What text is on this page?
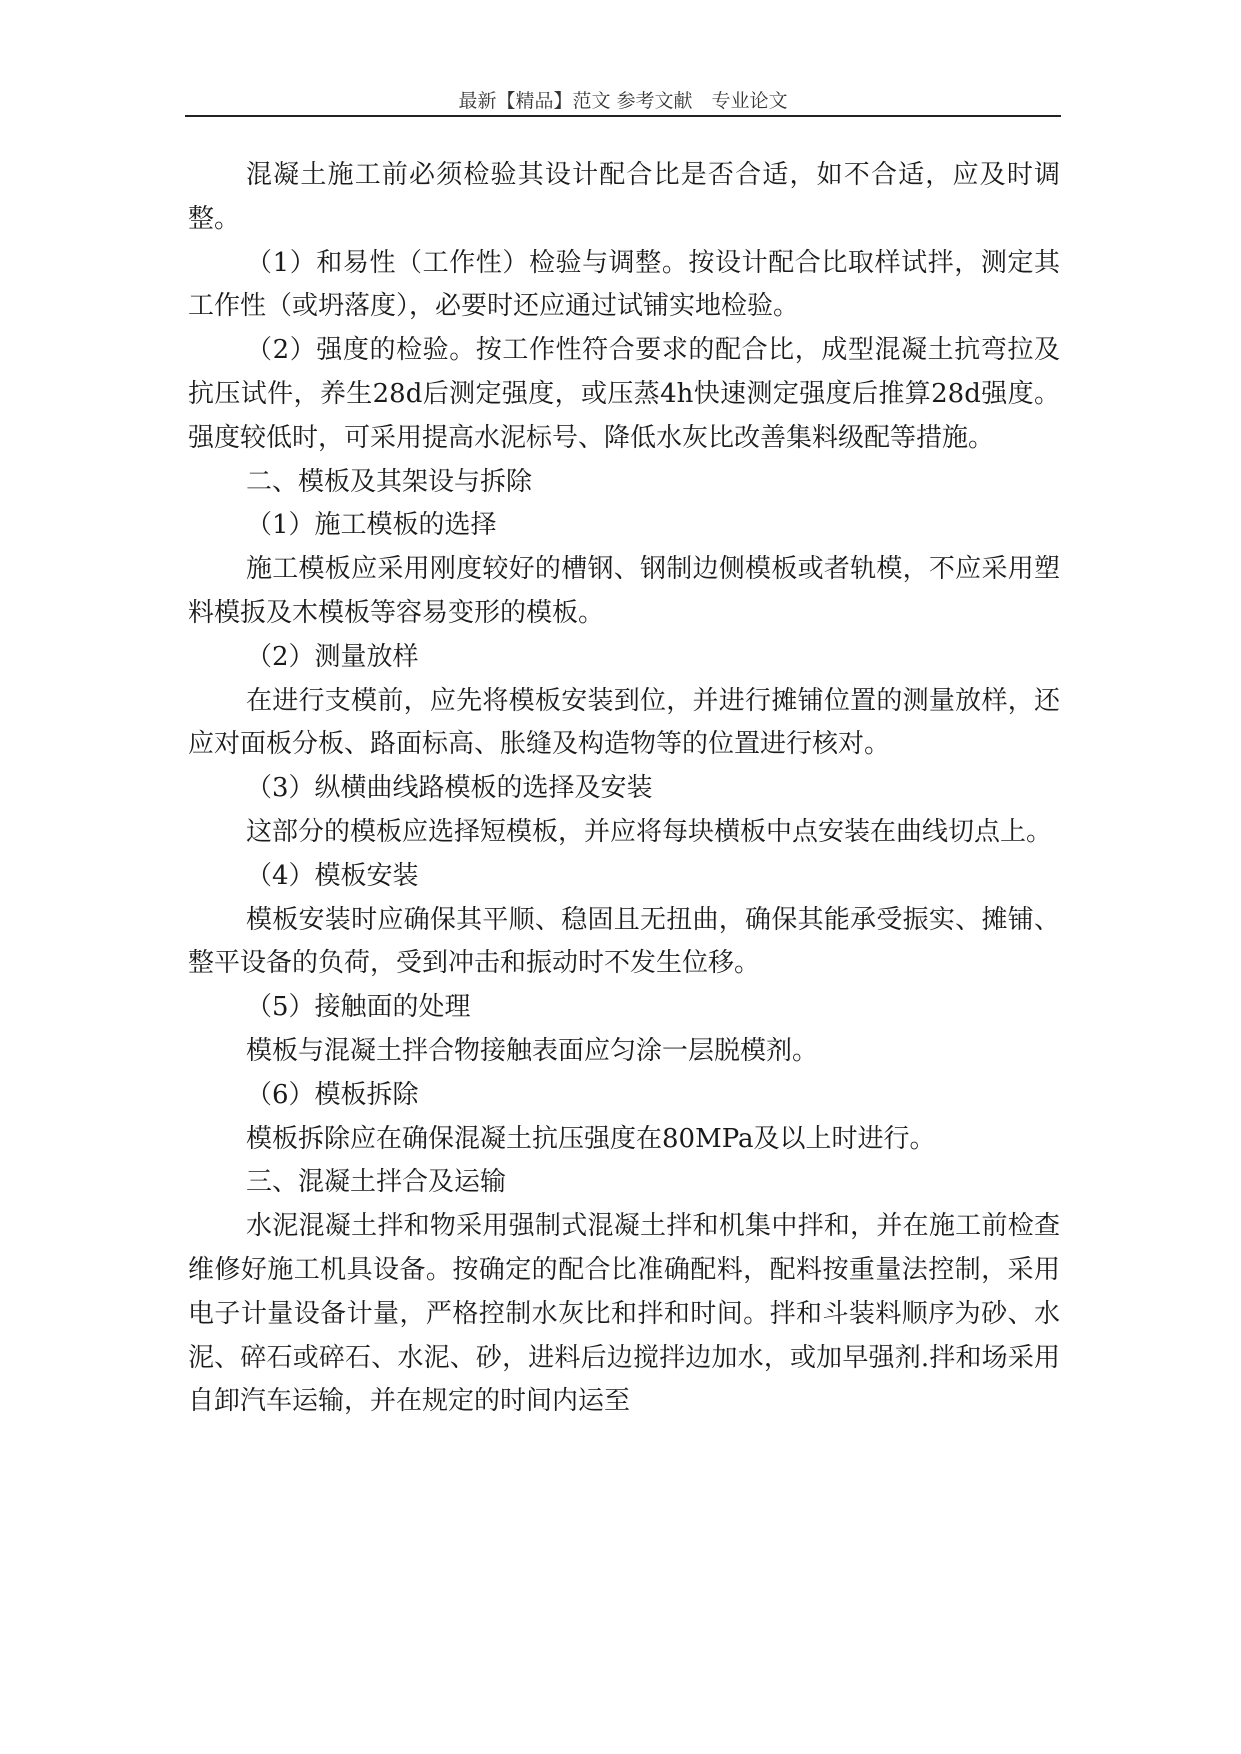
最新【精品】范文 参考文献　专业论文

混凝土施工前必须检验其设计配合比是否合适，如不合适，应及时调整。

（1）和易性（工作性）检验与调整。按设计配合比取样试拌，测定其工作性（或坍落度），必要时还应通过试铺实地检验。

（2）强度的检验。按工作性符合要求的配合比，成型混凝土抗弯拉及抗压试件，养生28d后测定强度，或压蒸4h快速测定强度后推算28d强度。强度较低时，可采用提高水泥标号、降低水灰比改善集料级配等措施。

二、模板及其架设与拆除

（1）施工模板的选择

施工模板应采用刚度较好的槽钢、钢制边侧模板或者轨模，不应采用塑料模扳及木模板等容易变形的模板。

（2）测量放样

在进行支模前，应先将模板安装到位，并进行摊铺位置的测量放样，还应对面板分板、路面标高、胀缝及构造物等的位置进行核对。

（3）纵横曲线路模板的选择及安装

这部分的模板应选择短模板，并应将每块横板中点安装在曲线切点上。

（4）模板安装

模板安装时应确保其平顺、稳固且无扭曲，确保其能承受振实、摊铺、整平设备的负荷，受到冲击和振动时不发生位移。

（5）接触面的处理

模板与混凝土拌合物接触表面应匀涂一层脱模剂。

（6）模板拆除

模板拆除应在确保混凝土抗压强度在80MPa及以上时进行。

三、混凝土拌合及运输

水泥混凝土拌和物采用强制式混凝土拌和机集中拌和，并在施工前检查维修好施工机具设备。按确定的配合比准确配料，配料按重量法控制，采用电子计量设备计量，严格控制水灰比和拌和时间。拌和斗装料顺序为砂、水泥、碎石或碎石、水泥、砂，进料后边搅拌边加水，或加早强剂.拌和场采用自卸汽车运输，并在规定的时间内运至
